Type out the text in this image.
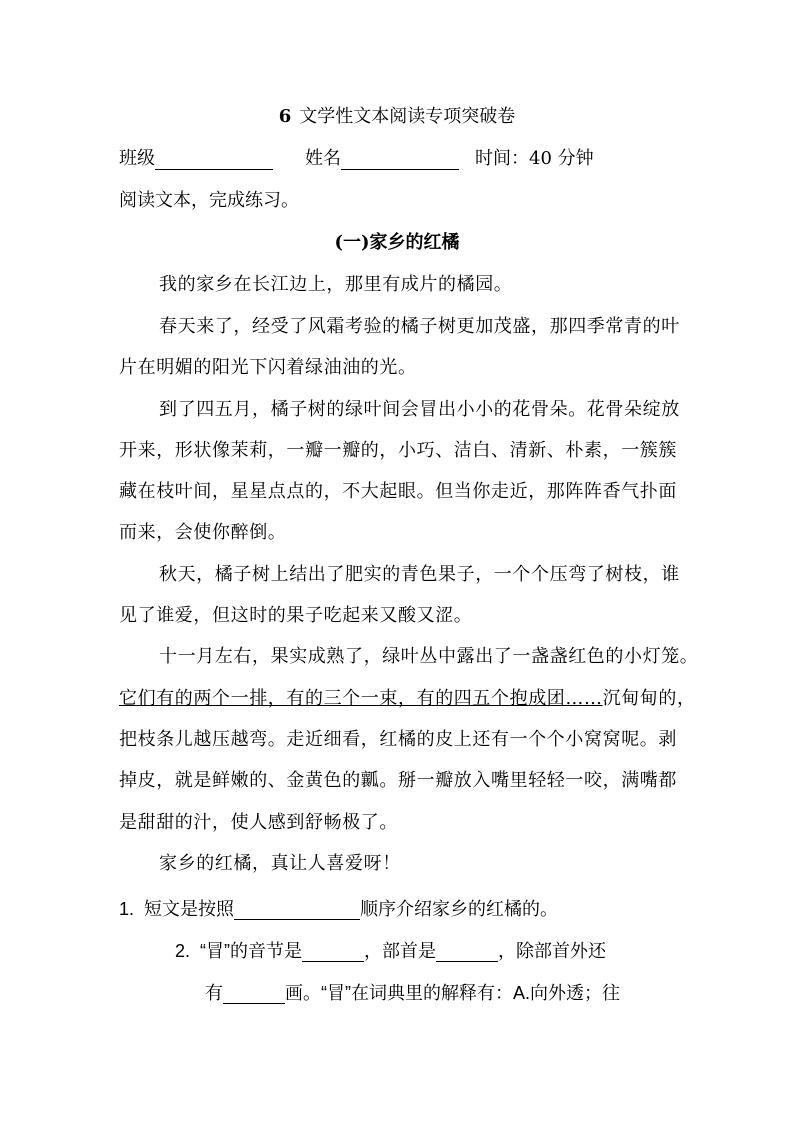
6 文学性文本阅读专项突破卷
班级	姓名	时间：40 分钟
阅读文本，完成练习。
(一)家乡的红橘
我的家乡在长江边上，那里有成片的橘园。
春天来了，经受了风霜考验的橘子树更加茂盛，那四季常青的叶
片在明媚的阳光下闪着绿油油的光。
到了四五月，橘子树的绿叶间会冒出小小的花骨朵。花骨朵绽放
开来，形状像茉莉，一瓣一瓣的，小巧、洁白、清新、朴素，一簇簇
藏在枝叶间，星星点点的，不大起眼。但当你走近，那阵阵香气扑面
而来，会使你醉倒。
秋天，橘子树上结出了肥实的青色果子，一个个压弯了树枝，谁
见了谁爱，但这时的果子吃起来又酸又涩。
十一月左右，果实成熟了，绿叶丛中露出了一盏盏红色的小灯笼。
它们有的两个一排，有的三个一束，有的四五个抱成团……沉甸甸的，
把枝条儿越压越弯。走近细看，红橘的皮上还有一个个小窝窝呢。剥
掉皮，就是鲜嫩的、金黄色的瓤。掰一瓣放入嘴里轻轻一咬，满嘴都
是甜甜的汁，使人感到舒畅极了。
家乡的红橘，真让人喜爱呀！
1. 短文是按照	顺序介绍家乡的红橘的。
2. “冒”的音节是	，部首是	，除部首外还
有	画。“冒”在词典里的解释有：A.向外透；往
